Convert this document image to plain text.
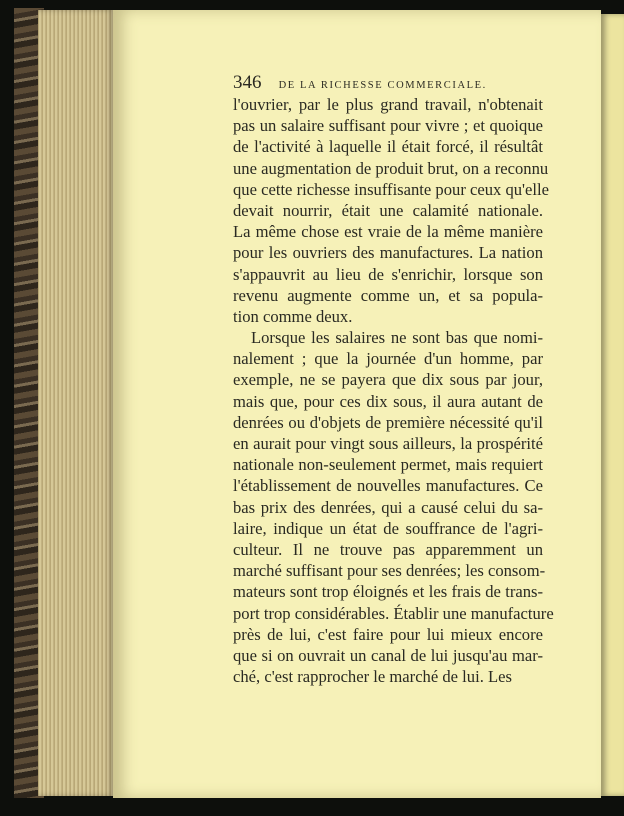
346 DE LA RICHESSE COMMERCIALE.
l'ouvrier, par le plus grand travail, n'obtenait
pas un salaire suffisant pour vivre ; et quoique
de l'activité à laquelle il était forcé, il résultât
une augmentation de produit brut, on a reconnu
que cette richesse insuffisante pour ceux qu'elle
devait nourrir, était une calamité nationale.
La même chose est vraie de la même manière
pour les ouvriers des manufactures. La nation
s'appauvrit au lieu de s'enrichir, lorsque son
revenu augmente comme un, et sa popula-
tion comme deux.
Lorsque les salaires ne sont bas que nomi-
nalement ; que la journée d'un homme, par
exemple, ne se payera que dix sous par jour,
mais que, pour ces dix sous, il aura autant de
denrées ou d'objets de première nécessité qu'il
en aurait pour vingt sous ailleurs, la prospérité
nationale non-seulement permet, mais requiert
l'établissement de nouvelles manufactures. Ce
bas prix des denrées, qui a causé celui du sa-
laire, indique un état de souffrance de l'agri-
culteur. Il ne trouve pas apparemment un
marché suffisant pour ses denrées; les consom-
mateurs sont trop éloignés et les frais de trans-
port trop considérables. Établir une manufacture
près de lui, c'est faire pour lui mieux encore
que si on ouvrait un canal de lui jusqu'au mar-
ché, c'est rapprocher le marché de lui. Les
